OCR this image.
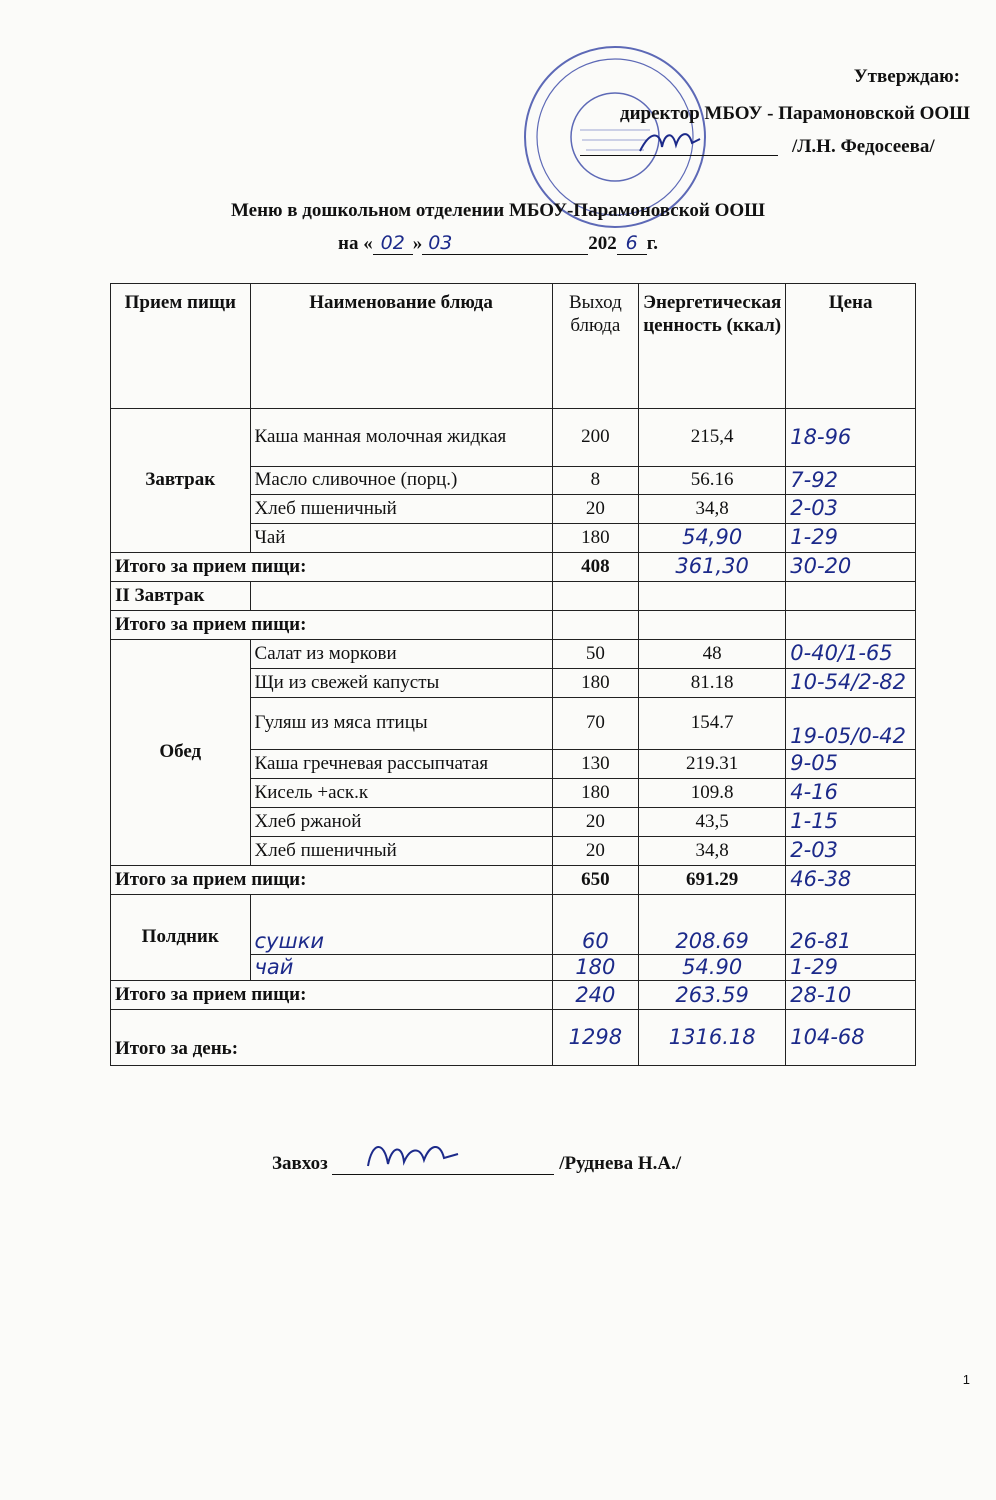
Утверждаю:
директор МБОУ - Парамоновской ООШ
/Л.Н. Федосеева/
Меню в дошкольном отделении МБОУ-Парамоновской ООШ
на « 02 » 03	202 6 г.
Прием пищи	Наименование блюда	Выход блюда	Энергетическая ценность (ккал)	Цена
Завтрак	Каша манная молочная жидкая	200	215,4	18-96
	Масло сливочное (порц.)	8	56.16	7-92
	Хлеб пшеничный	20	34,8	2-03
	Чай	180	54,90	1-29
Итого за прием пищи:		408	361,30	30-20
II Завтрак				
Итого за прием пищи:				
Обед	Салат из моркови	50	48	0-40/1-65
	Щи из свежей капусты	180	81.18	10-54/2-82
	Гуляш из мяса птицы	70	154.7	19-05/0-42
	Каша гречневая рассыпчатая	130	219.31	9-05
	Кисель +аск.к	180	109.8	4-16
	Хлеб ржаной	20	43,5	1-15
	Хлеб пшеничный	20	34,8	2-03
Итого за прием пищи:		650	691.29	46-38
Полдник	сушки	60	208.69	26-81
	чай	180	54.90	1-29
Итого за прием пищи:		240	263.59	28-10
Итого за день:		1298	1316.18	104-68
Завхоз	/Руднева Н.А./
1
